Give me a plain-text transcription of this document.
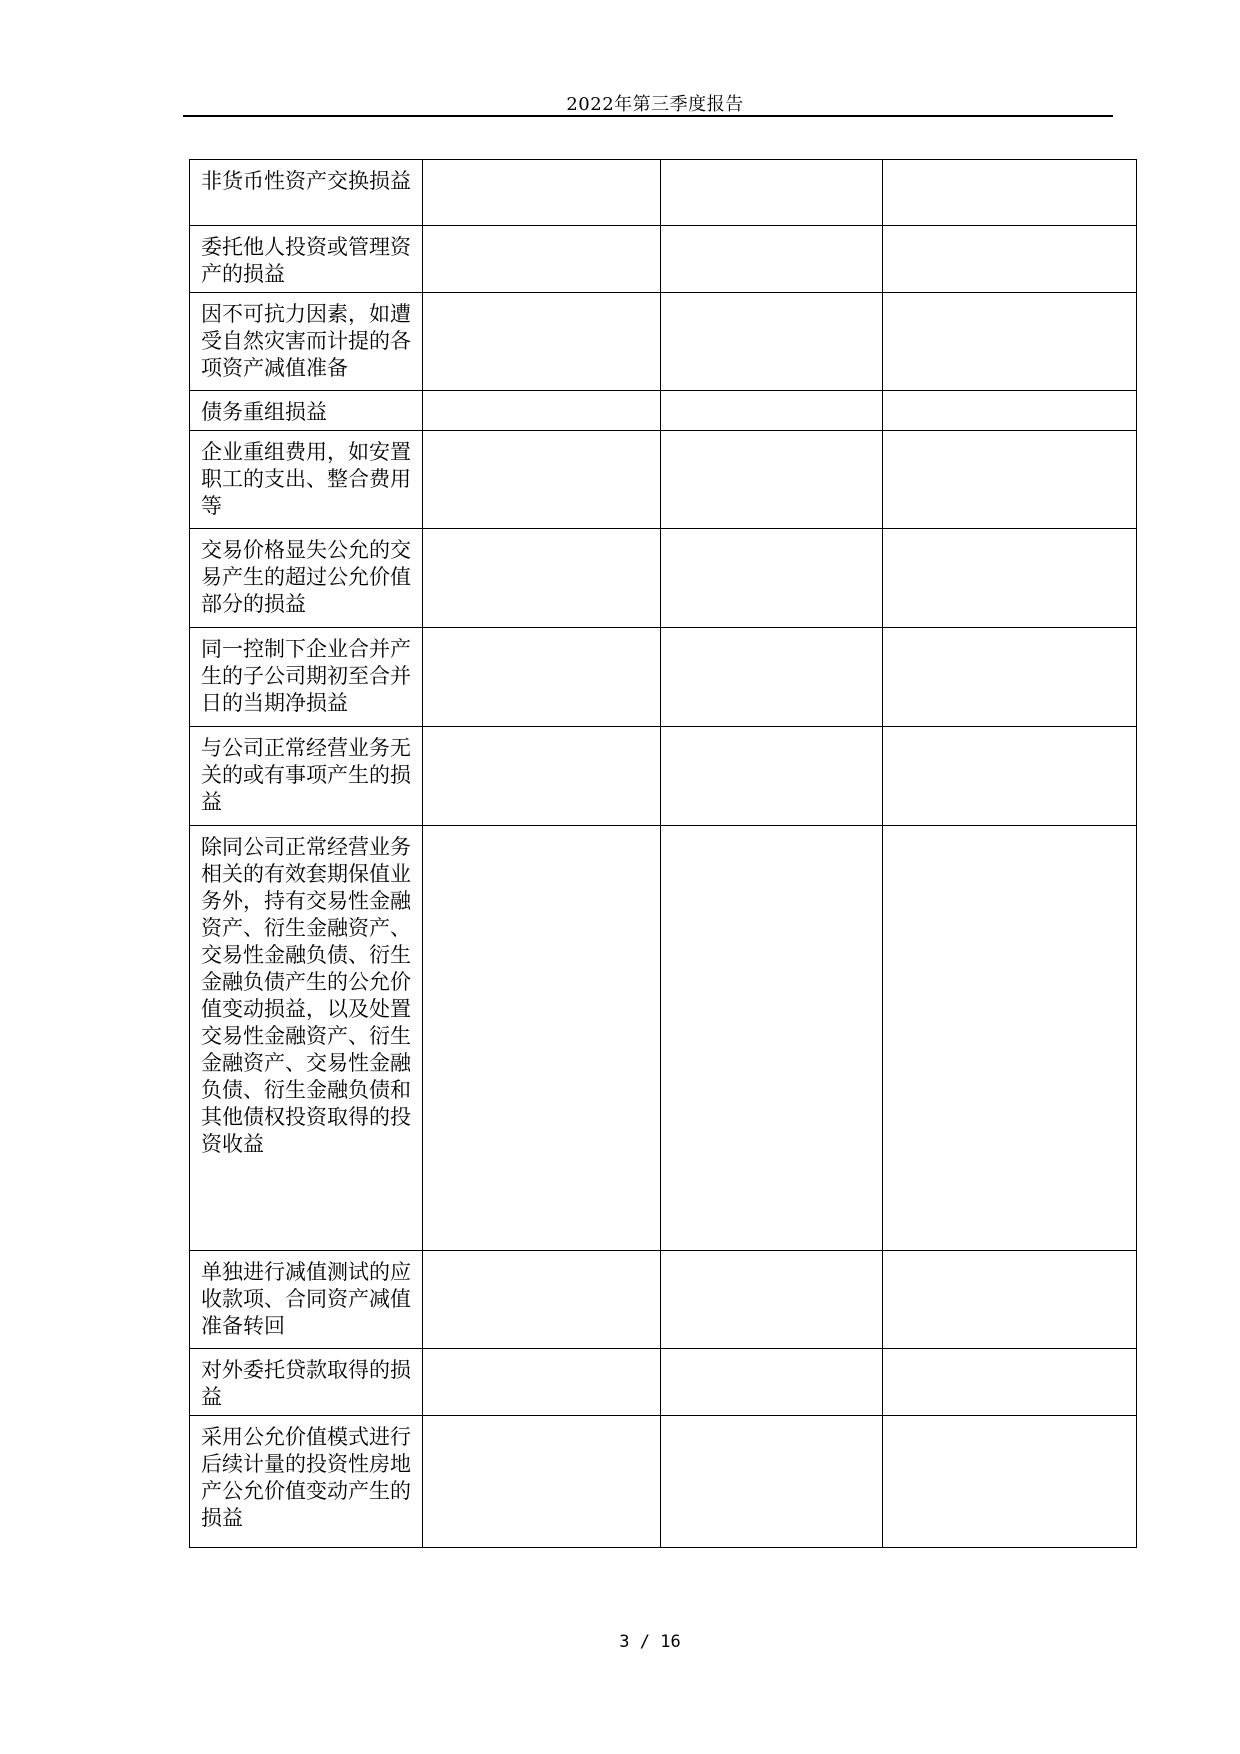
2022年第三季度报告
非货币性资产交换损益			
委托他人投资或管理资产的损益			
因不可抗力因素，如遭受自然灾害而计提的各项资产减值准备			
债务重组损益			
企业重组费用，如安置职工的支出、整合费用等			
交易价格显失公允的交易产生的超过公允价值部分的损益			
同一控制下企业合并产生的子公司期初至合并日的当期净损益			
与公司正常经营业务无关的或有事项产生的损益			
除同公司正常经营业务相关的有效套期保值业务外，持有交易性金融资产、衍生金融资产、交易性金融负债、衍生金融负债产生的公允价值变动损益，以及处置交易性金融资产、衍生金融资产、交易性金融负债、衍生金融负债和其他债权投资取得的投资收益			
单独进行减值测试的应收款项、合同资产减值准备转回			
对外委托贷款取得的损益			
采用公允价值模式进行后续计量的投资性房地产公允价值变动产生的损益			
3 / 16
